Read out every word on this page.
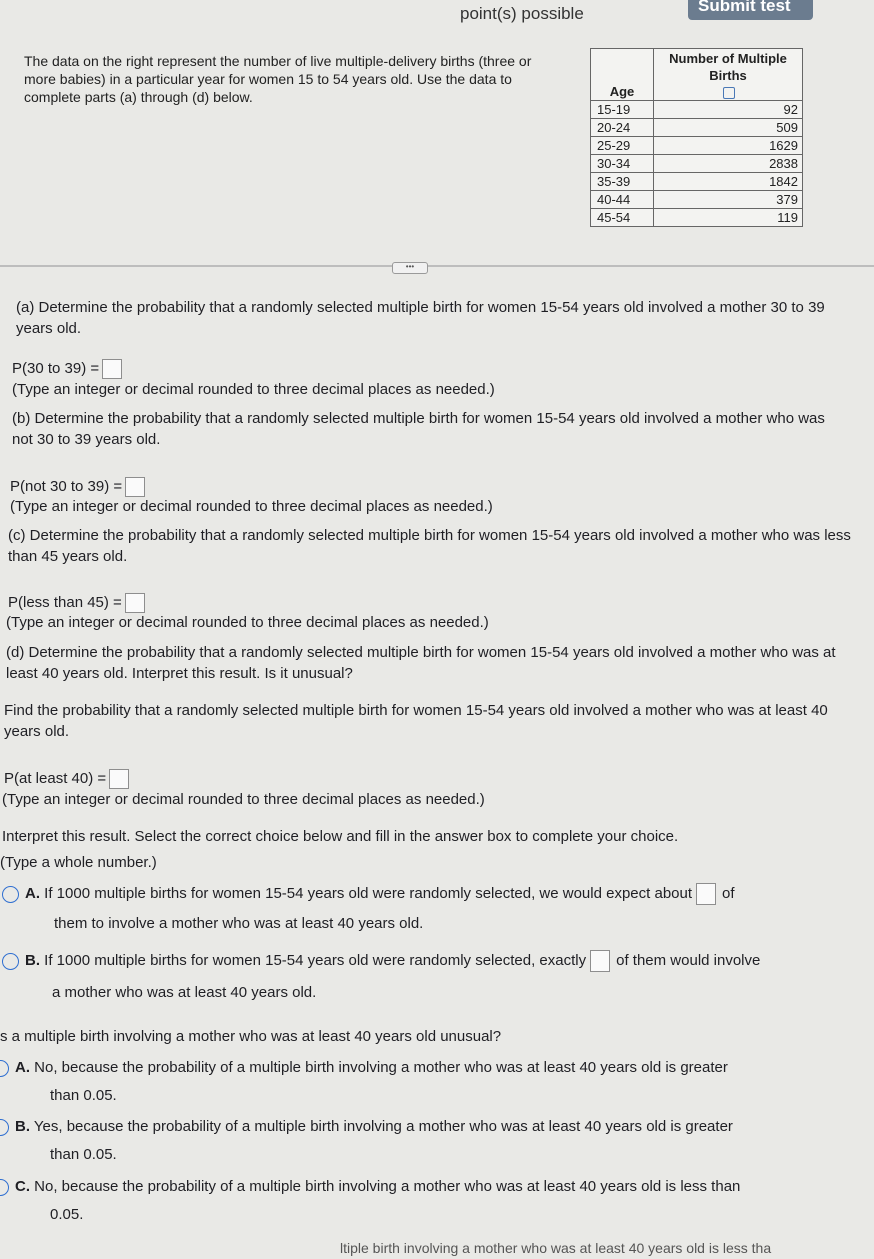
point(s) possible	Submit test
The data on the right represent the number of live multiple-delivery births (three or more babies) in a particular year for women 15 to 54 years old. Use the data to complete parts (a) through (d) below.	Age	Number of Multiple Births
15-19	92
20-24	509
25-29	1629
30-34	2838
35-39	1842
40-44	379
45-54	119
•••
(a) Determine the probability that a randomly selected multiple birth for women 15-54 years old involved a mother 30 to 39 years old.
P(30 to 39) =
(Type an integer or decimal rounded to three decimal places as needed.)
(b) Determine the probability that a randomly selected multiple birth for women 15-54 years old involved a mother who was not 30 to 39 years old.
P(not 30 to 39) =
(Type an integer or decimal rounded to three decimal places as needed.)
(c) Determine the probability that a randomly selected multiple birth for women 15-54 years old involved a mother who was less than 45 years old.
P(less than 45) =
(Type an integer or decimal rounded to three decimal places as needed.)
(d) Determine the probability that a randomly selected multiple birth for women 15-54 years old involved a mother who was at least 40 years old. Interpret this result. Is it unusual?
Find the probability that a randomly selected multiple birth for women 15-54 years old involved a mother who was at least 40 years old.
P(at least 40) =
(Type an integer or decimal rounded to three decimal places as needed.)
Interpret this result. Select the correct choice below and fill in the answer box to complete your choice.
(Type a whole number.)
A. If 1000 multiple births for women 15-54 years old were randomly selected, we would expect about of
them to involve a mother who was at least 40 years old.
B. If 1000 multiple births for women 15-54 years old were randomly selected, exactly of them would involve
a mother who was at least 40 years old.
s a multiple birth involving a mother who was at least 40 years old unusual?
A. No, because the probability of a multiple birth involving a mother who was at least 40 years old is greater
than 0.05.
B. Yes, because the probability of a multiple birth involving a mother who was at least 40 years old is greater
than 0.05.
C. No, because the probability of a multiple birth involving a mother who was at least 40 years old is less than
0.05.
ltiple birth involving a mother who was at least 40 years old is less tha
